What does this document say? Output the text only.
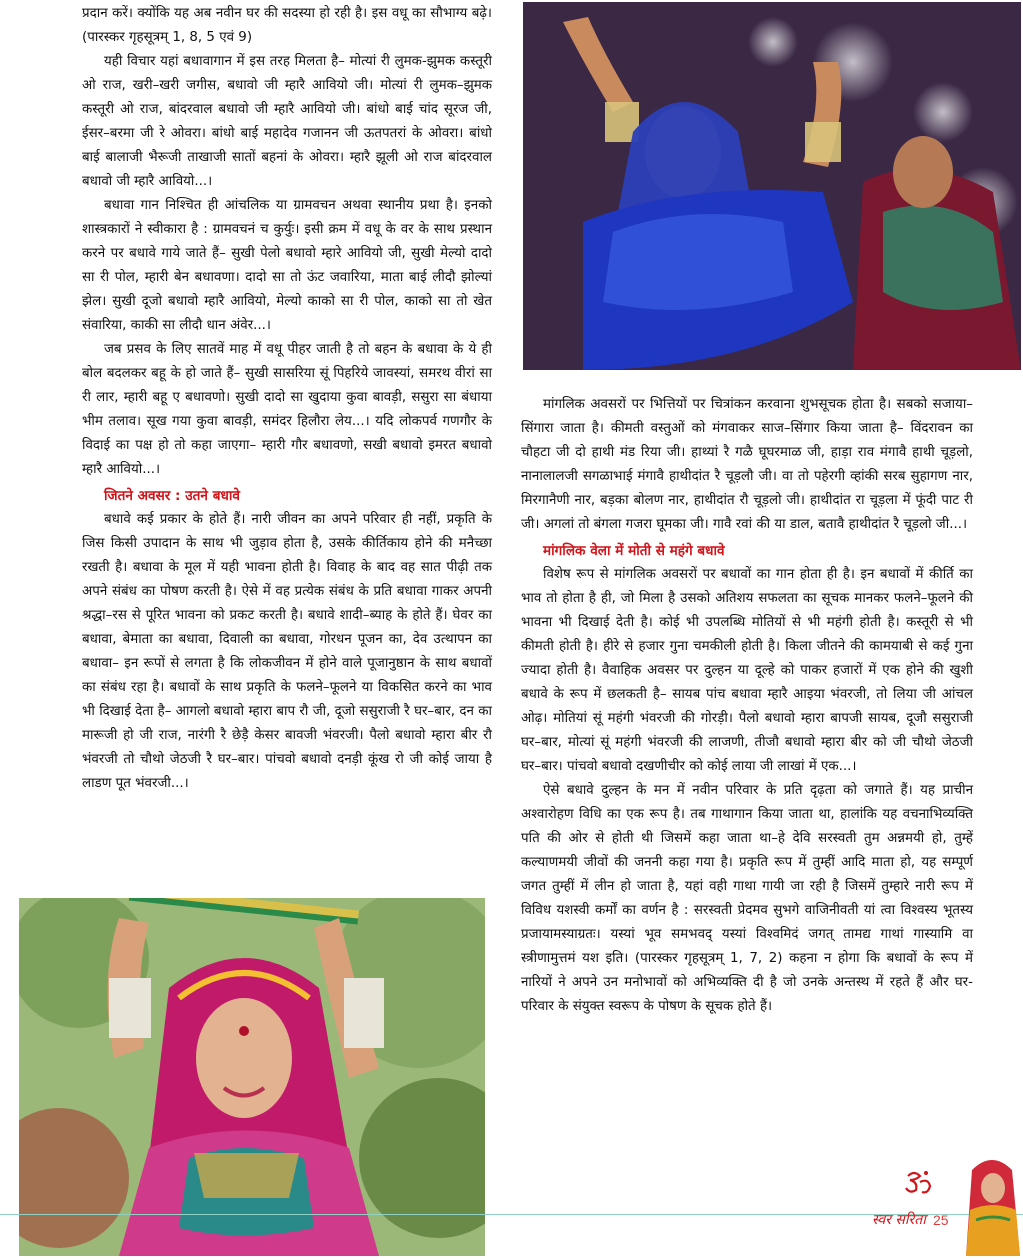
प्रदान करें। क्योंकि यह अब नवीन घर की सदस्या हो रही है। इस वधू का सौभाग्य बढ़े। (पारस्कर गृहसूत्रम् 1, 8, 5 एवं 9)

यही विचार यहां बधावागान में इस तरह मिलता है– मोत्यां री लुमक-झुमक कस्तूरी ओ राज, खरी–खरी जगीस, बधावो जी म्हारै आवियो जी। मोत्यां री लुमक–झुमक कस्तूरी ओ राज, बांदरवाल बधावो जी म्हारै आवियो जी। बांधो बाई चांद सूरज जी, ईसर–बरमा जी रे ओवरा। बांधो बाई महादेव गजानन जी ऊतपतरां के ओवरा। बांधो बाई बालाजी भैरूजी ताखाजी सातों बहनां के ओवरा। म्हारै झूली ओ राज बांदरवाल बधावो जी म्हारै आवियो...।

बधावा गान निश्चित ही आंचलिक या ग्रामवचन अथवा स्थानीय प्रथा है। इनको शास्त्रकारों ने स्वीकारा है : ग्रामवचनं च कुर्युः। इसी क्रम में वधू के वर के साथ प्रस्थान करने पर बधावे गाये जाते हैं– सुखी पेलो बधावो म्हारे आवियो जी, सुखी मेल्यो दादो सा री पोल, म्हारी बेन बधावणा। दादो सा तो ऊंट जवारिया, माता बाई लीदौ झोल्यां झेल। सुखी दूजो बधावो म्हारै आवियो, मेल्यो काको सा री पोल, काको सा तो खेत संवारिया, काकी सा लीदौ धान अंवेर...।

जब प्रसव के लिए सातवें माह में वधू पीहर जाती है तो बहन के बधावा के ये ही बोल बदलकर बहू के हो जाते हैं– सुखी सासरिया सूं पिहरिये जावस्यां, समरथ वीरां सा री लार, म्हारी बहू ए बधावणो। सुखी दादो सा खुदाया कुवा बावड़ी, ससुरा सा बंधाया भीम तलाव। सूख गया कुवा बावड़ी, समंदर हिलौरा लेय...। यदि लोकपर्व गणगौर के विदाई का पक्ष हो तो कहा जाएगा– म्हारी गौर बधावणो, सखी बधावो इमरत बधावो म्हारै आवियो...।

जितने अवसर : उतने बधावे

बधावे कई प्रकार के होते हैं। नारी जीवन का अपने परिवार ही नहीं, प्रकृति के जिस किसी उपादान के साथ भी जुड़ाव होता है, उसके कीर्तिकाय होने की मनैच्छा रखती है। बधावा के मूल में यही भावना होती है। विवाह के बाद वह सात पीढ़ी तक अपने संबंध का पोषण करती है। ऐसे में वह प्रत्येक संबंध के प्रति बधावा गाकर अपनी श्रद्धा–रस से पूरित भावना को प्रकट करती है। बधावे शादी–ब्याह के होते हैं। घेवर का बधावा, बेमाता का बधावा, दिवाली का बधावा, गोरधन पूजन का, देव उत्थापन का बधावा– इन रूपों से लगता है कि लोकजीवन में होने वाले पूजानुष्ठान के साथ बधावों का संबंध रहा है। बधावों के साथ प्रकृति के फलने–फूलने या विकसित करने का भाव भी दिखाई देता है– आगलो बधावो म्हारा बाप रौ जी, दूजो ससुराजी रै घर–बार, दन का मारूजी हो जी राज, नारंगी रै छेड़ै केसर बावजी भंवरजी। पैलो बधावो म्हारा बीर रौ भंवरजी तो चौथो जेठजी रै घर–बार। पांचवो बधावो दनड़ी कूंख रो जी कोई जाया है लाडण पूत भंवरजी...।

मांगलिक अवसरों पर भित्तियों पर चित्रांकन करवाना शुभसूचक होता है। सबको सजाया–सिंगारा जाता है। कीमती वस्तुओं को मंगवाकर साज–सिंगार किया जाता है– विंदरावन का चौहटा जी दो हाथी मंड रिया जी। हाथ्यां रै गळै घूघरमाळ जी, हाड़ा राव मंगावै हाथी चूड़लो, नानालालजी सगळाभाई मंगावै हाथीदांत रै चूड़लौ जी। वा तो पहेरगी व्हांकी सरब सुहागण नार, मिरगानैणी नार, बड़का बोलण नार, हाथीदांत रौ चूड़लो जी। हाथीदांत रा चूड़ला में फूंदी पाट री जी। अगलां तो बंगला गजरा घूमका जी। गावै रवां की या डाल, बतावै हाथीदांत रै चूड़लो जी...।

मांगलिक वेला में मोती से महंगे बधावे

विशेष रूप से मांगलिक अवसरों पर बधावों का गान होता ही है। इन बधावों में कीर्ति का भाव तो होता है ही, जो मिला है उसको अतिशय सफलता का सूचक मानकर फलने–फूलने की भावना भी दिखाई देती है। कोई भी उपलब्धि मोतियों से भी महंगी होती है। कस्तूरी से भी कीमती होती है। हीरे से हजार गुना चमकीली होती है। किला जीतने की कामयाबी से कई गुना ज्यादा होती है। वैवाहिक अवसर पर दुल्हन या दूल्हे को पाकर हजारों में एक होने की खुशी बधावे के रूप में छलकती है– सायब पांच बधावा म्हारै आइया भंवरजी, तो लिया जी आंचल ओढ़। मोतियां सूं महंगी भंवरजी की गोरड़ी। पैलो बधावो म्हारा बापजी सायब, दूजौ ससुराजी घर–बार, मोत्यां सूं महंगी भंवरजी की लाजणी, तीजौ बधावो म्हारा बीर को जी चौथो जेठजी घर–बार। पांचवो बधावो दखणीचीर को कोई लाया जी लाखां में एक...।

ऐसे बधावे दुल्हन के मन में नवीन परिवार के प्रति दृढ़ता को जगाते हैं। यह प्राचीन अश्वारोहण विधि का एक रूप है। तब गाथागान किया जाता था, हालांकि यह वचनाभिव्यक्ति पति की ओर से होती थी जिसमें कहा जाता था–हे देवि सरस्वती तुम अन्नमयी हो, तुम्हें कल्याणमयी जीवों की जननी कहा गया है। प्रकृति रूप में तुम्हीं आदि माता हो, यह सम्पूर्ण जगत तुम्हीं में लीन हो जाता है, यहां वही गाथा गायी जा रही है जिसमें तुम्हारे नारी रूप में विविध यशस्वी कर्मों का वर्णन है : सरस्वती प्रेदमव सुभगे वाजिनीवती यां त्वा विश्वस्य भूतस्य प्रजायामस्याग्रतः। यस्यां भूव समभवद् यस्यां विश्वमिदं जगत् तामद्य गाथां गास्यामि वा स्त्रीणामुत्तमं यश इति। (पारस्कर गृहसूत्रम् 1, 7, 2) कहना न होगा कि बधावों के रूप में नारियों ने अपने उन मनोभावों को अभिव्यक्ति दी है जो उनके अन्तस्थ में रहते हैं और घर-परिवार के संयुक्त स्वरूप के पोषण के सूचक होते हैं।

स्वर सरिता 25
